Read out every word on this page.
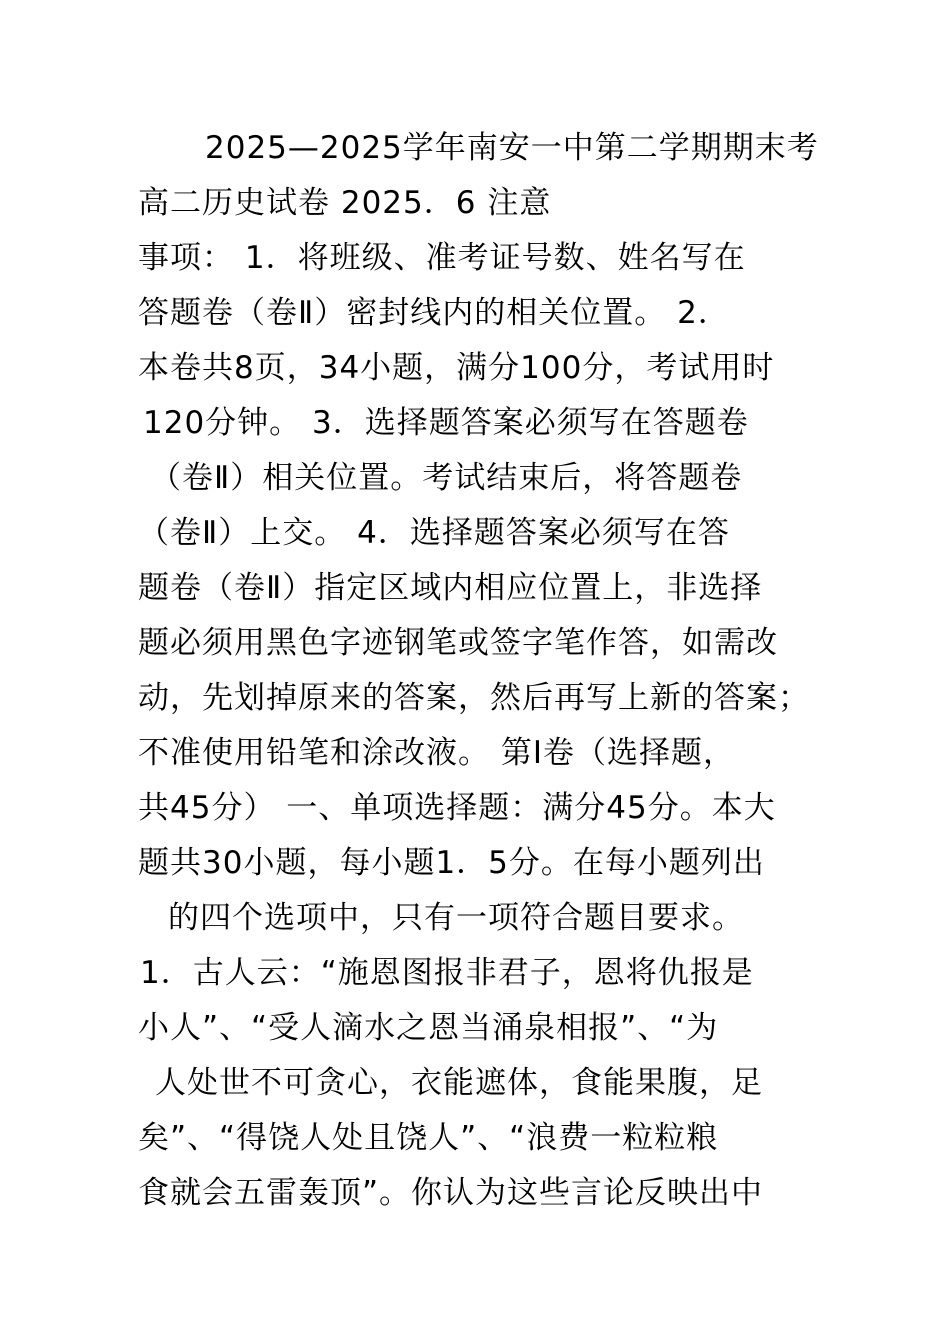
2025—2025学年南安一中第二学期期末考
高二历史试卷 2025．6 注意
事项： 1．将班级、准考证号数、姓名写在
答题卷（卷Ⅱ）密封线内的相关位置。 2．
本卷共8页，34小题，满分100分，考试用时
120分钟。 3．选择题答案必须写在答题卷
（卷Ⅱ）相关位置。考试结束后，将答题卷
（卷Ⅱ）上交。 4．选择题答案必须写在答
题卷（卷Ⅱ）指定区域内相应位置上，非选择
题必须用黑色字迹钢笔或签字笔作答，如需改
动，先划掉原来的答案，然后再写上新的答案；
不准使用铅笔和涂改液。 第Ⅰ卷（选择题，
共45分） 一、单项选择题：满分45分。本大
题共30小题，每小题1．5分。在每小题列出
的四个选项中，只有一项符合题目要求。
1．古人云：“施恩图报非君子，恩将仇报是
小人”、“受人滴水之恩当涌泉相报”、“为
人处世不可贪心，衣能遮体，食能果腹，足
矣”、“得饶人处且饶人”、“浪费一粒粒粮
食就会五雷轰顶”。你认为这些言论反映出中
